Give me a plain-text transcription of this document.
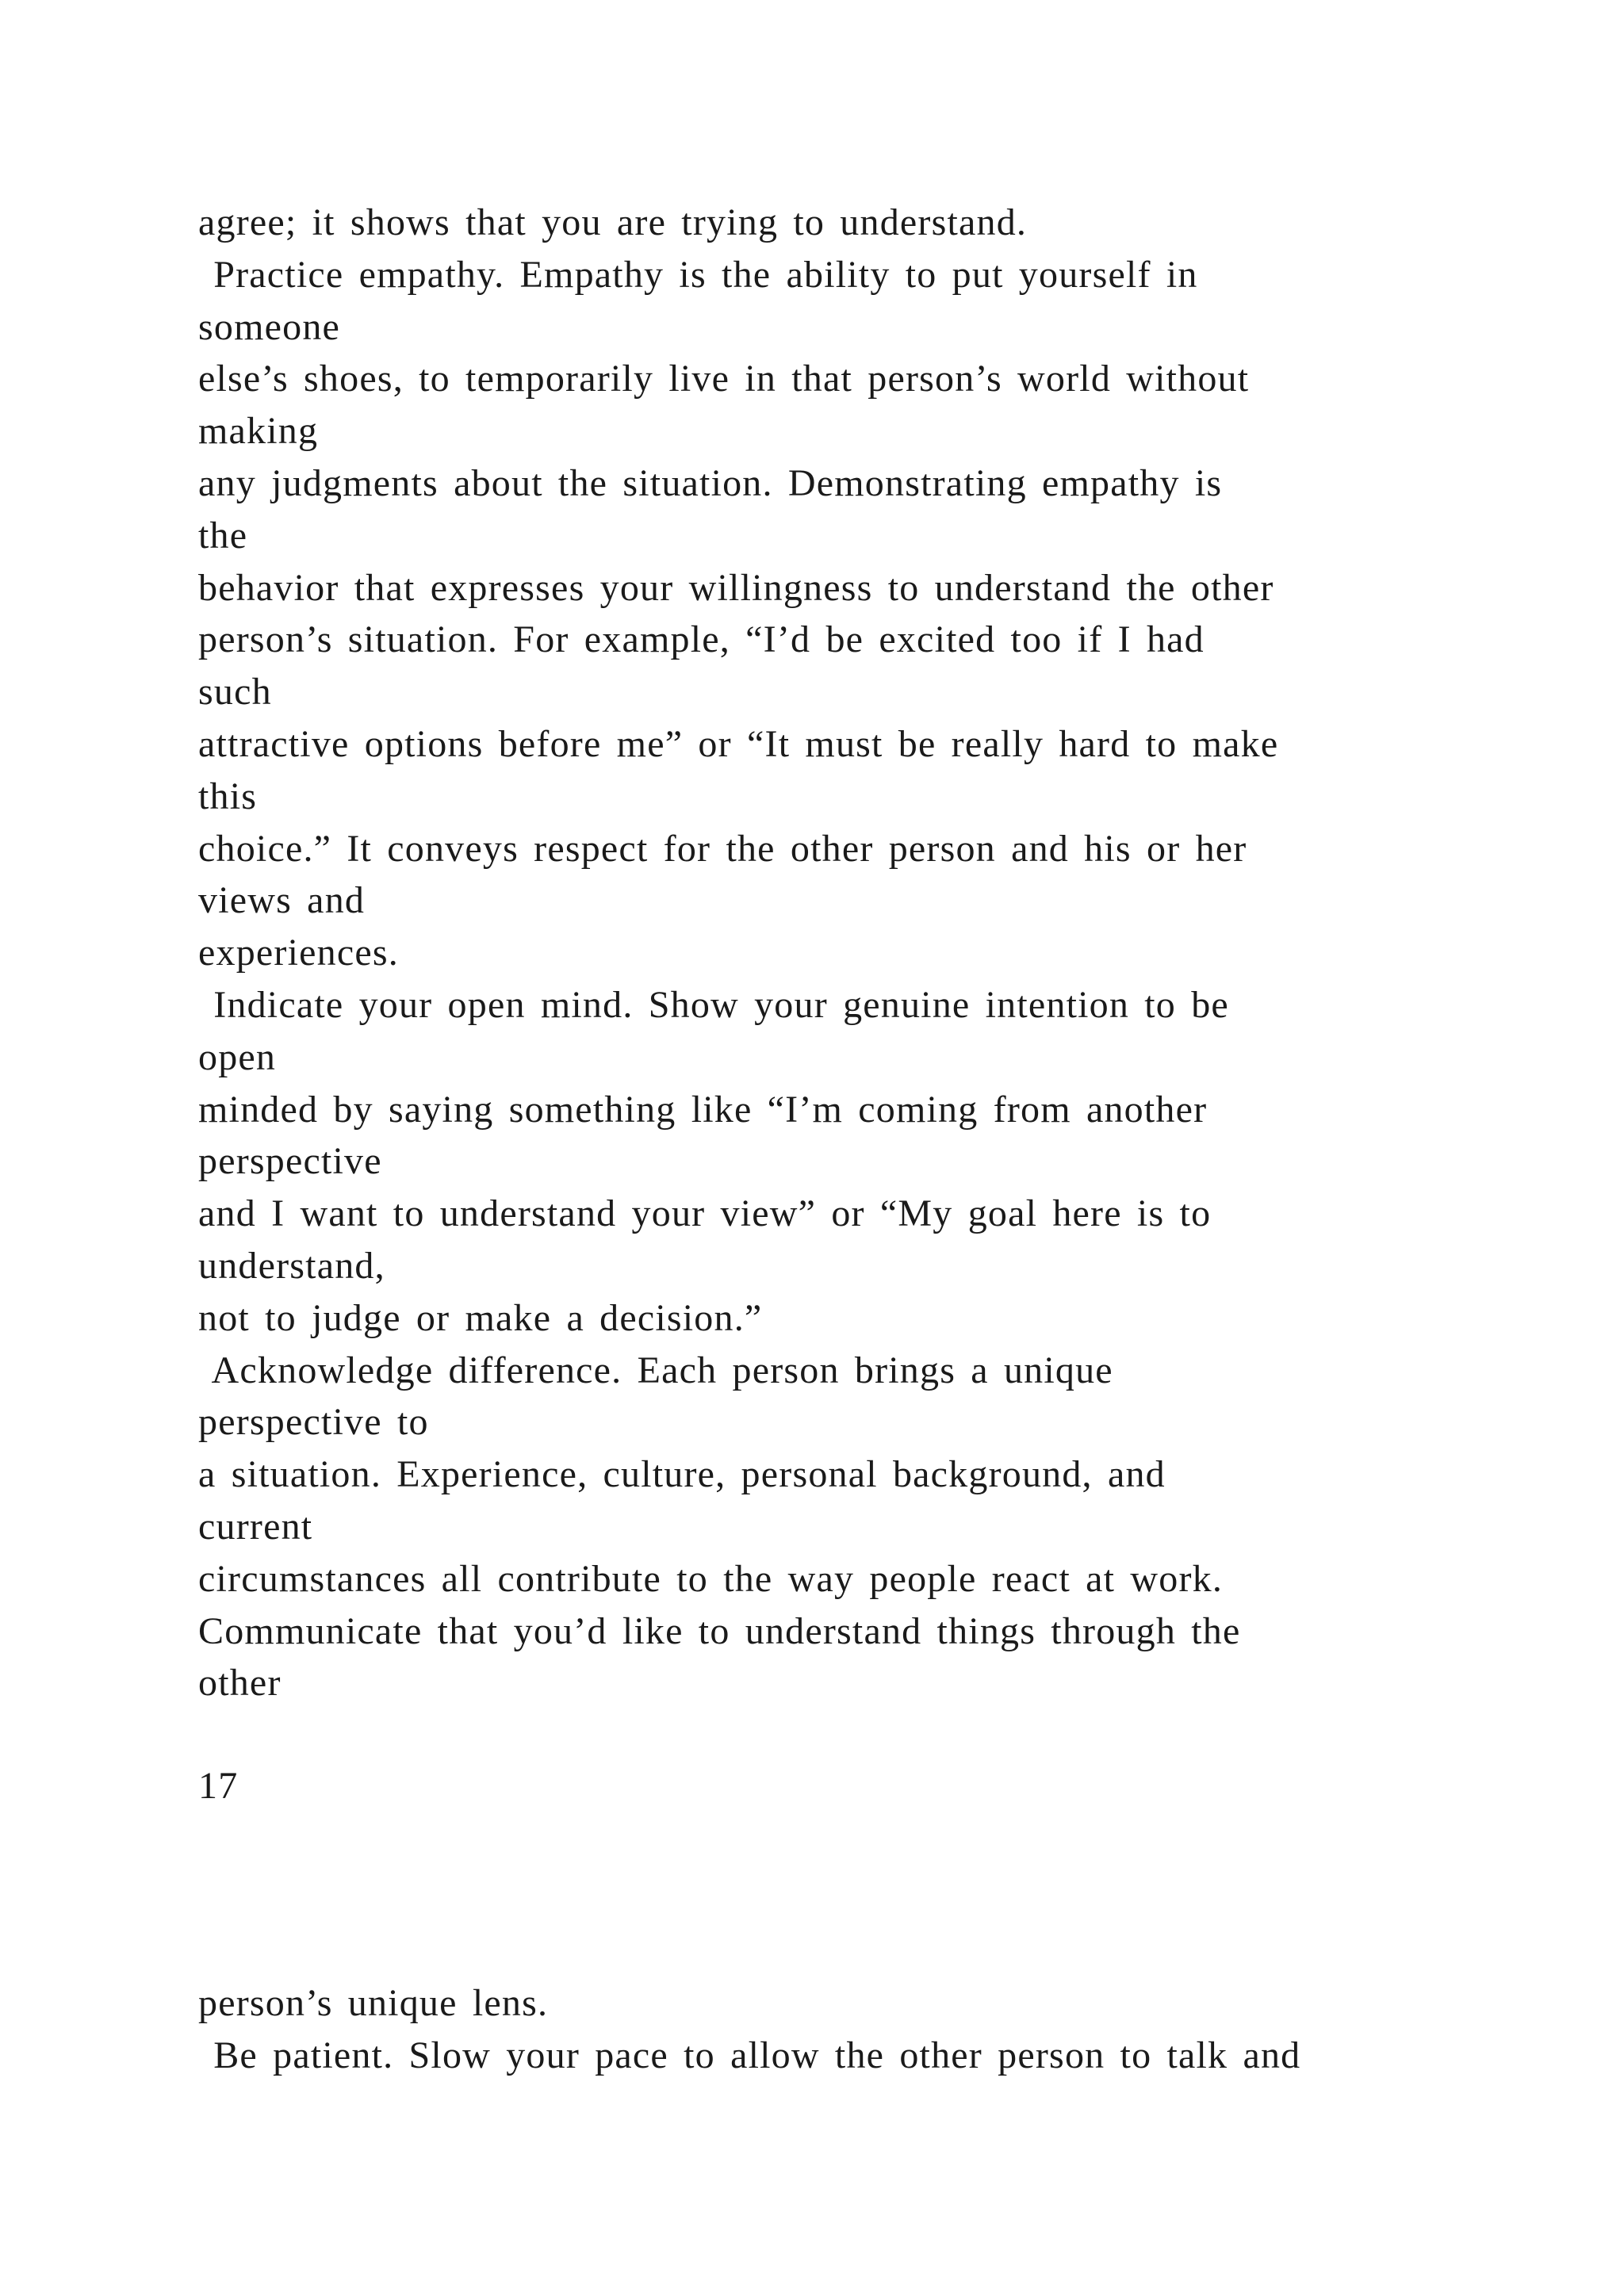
agree; it shows that you are trying to understand.
Practice empathy. Empathy is the ability to put yourself in
someone
else’s shoes, to temporarily live in that person’s world without
making
any judgments about the situation. Demonstrating empathy is
the
behavior that expresses your willingness to understand the other
person’s situation. For example, “I’d be excited too if I had
such
attractive options before me” or “It must be really hard to make
this
choice.” It conveys respect for the other person and his or her
views and
experiences.
Indicate your open mind. Show your genuine intention to be
open
minded by saying something like “I’m coming from another
perspective
and I want to understand your view” or “My goal here is to
understand,
not to judge or make a decision.”
Acknowledge difference. Each person brings a unique
perspective to
a situation. Experience, culture, personal background, and
current
circumstances all contribute to the way people react at work.
Communicate that you’d like to understand things through the
other
17
person’s unique lens.
Be patient. Slow your pace to allow the other person to talk and
